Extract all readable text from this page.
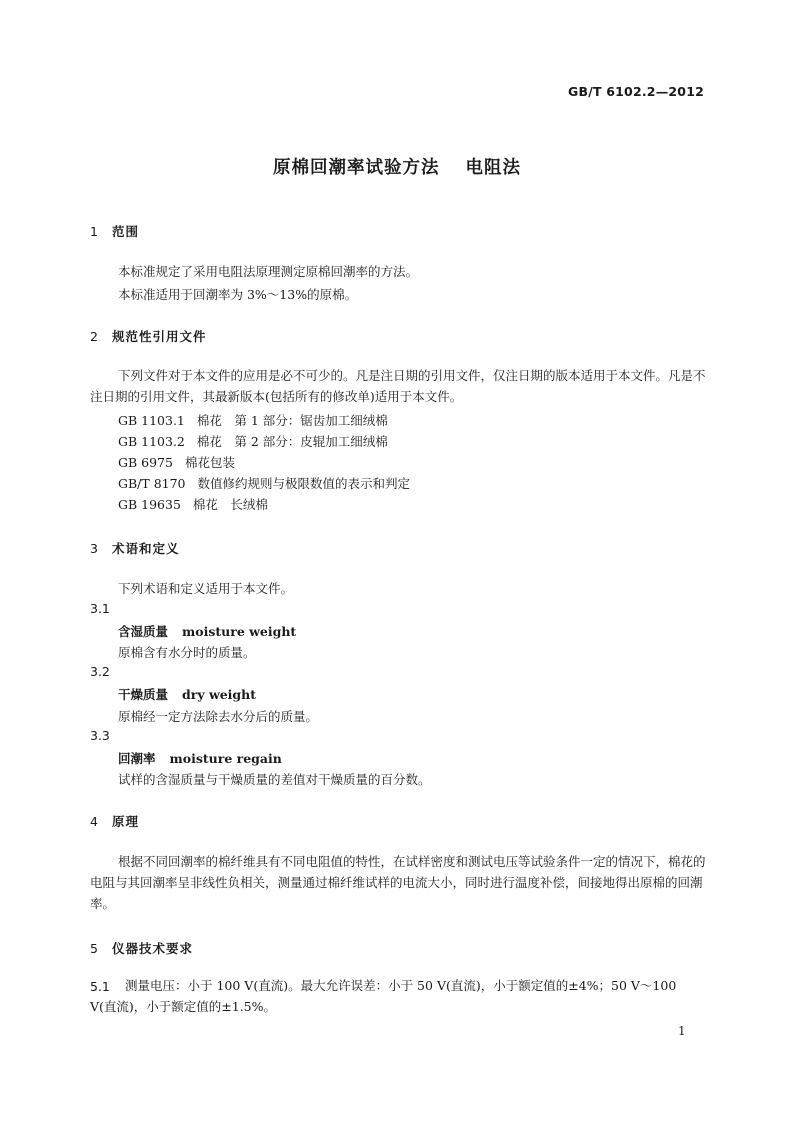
GB/T 6102.2—2012
原棉回潮率试验方法 电阻法
1 范围
本标准规定了采用电阻法原理测定原棉回潮率的方法。
本标准适用于回潮率为 3%～13%的原棉。
2 规范性引用文件
下列文件对于本文件的应用是必不可少的。凡是注日期的引用文件，仅注日期的版本适用于本文件。凡是不注日期的引用文件，其最新版本(包括所有的修改单)适用于本文件。
GB 1103.1 棉花　第 1 部分：锯齿加工细绒棉
GB 1103.2 棉花　第 2 部分：皮辊加工细绒棉
GB 6975 棉花包装
GB/T 8170 数值修约规则与极限数值的表示和判定
GB 19635 棉花　长绒棉
3 术语和定义
下列术语和定义适用于本文件。
3.1
含湿质量 moisture weight
原棉含有水分时的质量。
3.2
干燥质量 dry weight
原棉经一定方法除去水分后的质量。
3.3
回潮率 moisture regain
试样的含湿质量与干燥质量的差值对干燥质量的百分数。
4 原理
根据不同回潮率的棉纤维具有不同电阻值的特性，在试样密度和测试电压等试验条件一定的情况下，棉花的电阻与其回潮率呈非线性负相关，测量通过棉纤维试样的电流大小，同时进行温度补偿，间接地得出原棉的回潮率。
5 仪器技术要求
5.1	测量电压：小于 100 V(直流)。最大允许误差：小于 50 V(直流)，小于额定值的±4%；50 V～100 V(直流)，小于额定值的±1.5%。
1
